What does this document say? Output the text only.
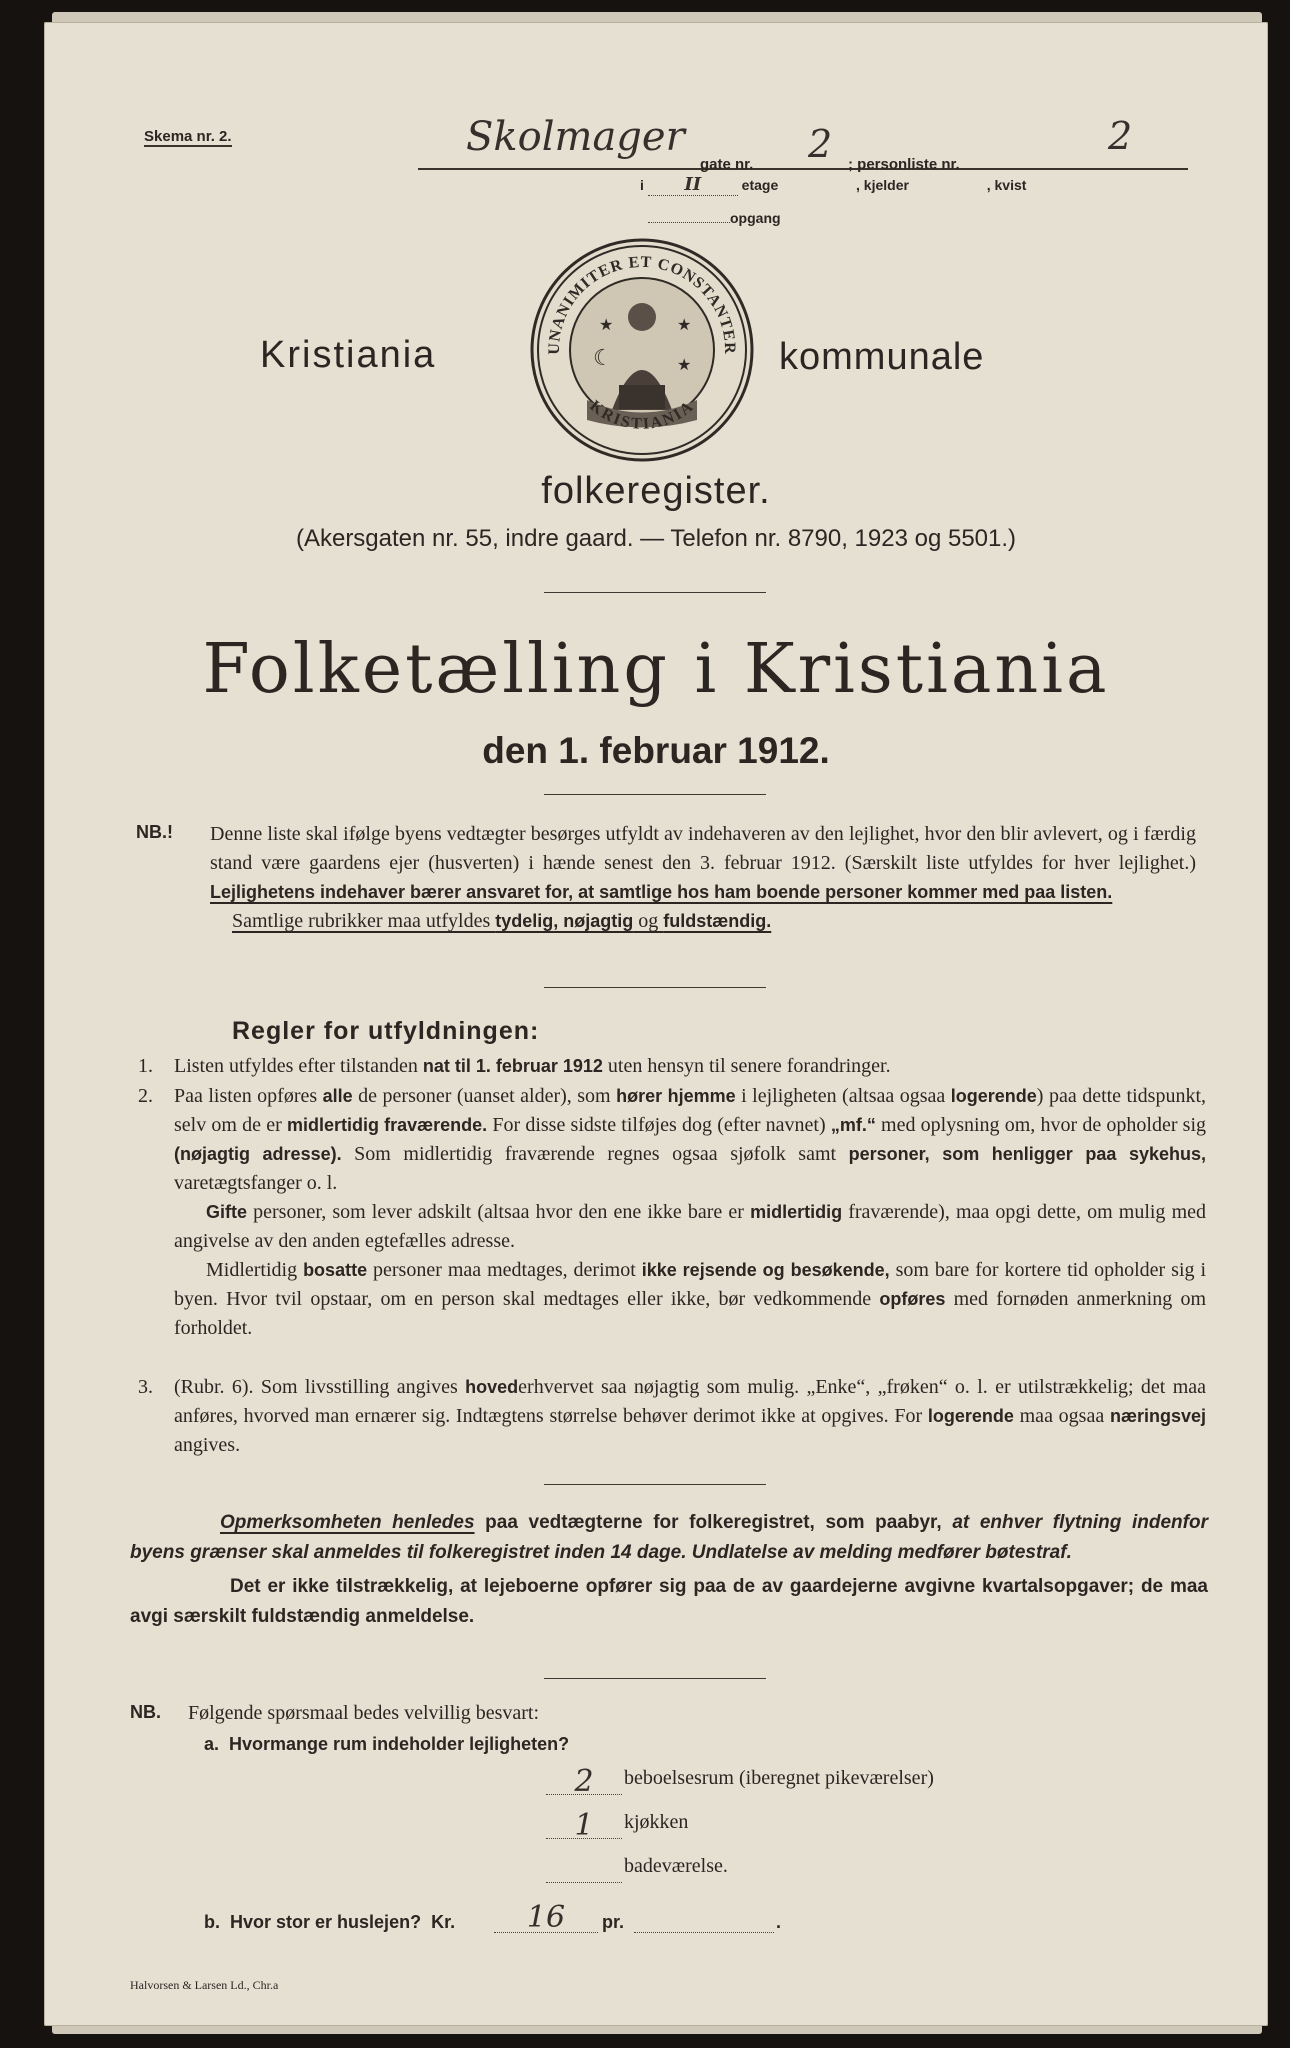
Skema nr. 2.	Skolmager
gate nr. 2 ; personliste nr.
2
i II	etage	, kjelder	, kvist
opgang
★	★
★
☾
UNANIMITER ET CONSTANTER
KRISTIANIA
Kristiania	kommunale
folkeregister.
(Akersgaten nr. 55, indre gaard. — Telefon nr. 8790, 1923 og 5501.)
Folketælling i Kristiania
den 1. februar 1912.
NB.! Denne liste skal ifølge byens vedtægter besørges utfyldt av indehaveren av den lejlighet, hvor den blir avlevert, og i færdig stand være gaardens ejer (husverten) i hænde senest den 3. februar 1912. (Særskilt liste utfyldes for hver lejlighet.) Lejlighetens indehaver bærer ansvaret for, at samtlige hos ham boende personer kommer med paa listen.
Samtlige rubrikker maa utfyldes tydelig, nøjagtig og fuldstændig.
Regler for utfyldningen:
1.	Listen utfyldes efter tilstanden nat til 1. februar 1912 uten hensyn til senere forandringer.
2.	Paa listen opføres alle de personer (uanset alder), som hører hjemme i lejligheten (altsaa ogsaa logerende) paa dette tidspunkt, selv om de er midlertidig fraværende. For disse sidste tilføjes dog (efter navnet) „mf.“ med oplysning om, hvor de opholder sig (nøjagtig adresse). Som midlertidig fraværende regnes ogsaa sjøfolk samt personer, som henligger paa sykehus, varetægtsfanger o. l.
Gifte personer, som lever adskilt (altsaa hvor den ene ikke bare er midlertidig fraværende), maa opgi dette, om mulig med angivelse av den anden egtefælles adresse.
Midlertidig bosatte personer maa medtages, derimot ikke rejsende og besøkende, som bare for kortere tid opholder sig i byen. Hvor tvil opstaar, om en person skal medtages eller ikke, bør vedkommende opføres med fornøden anmerkning om forholdet.
3.	(Rubr. 6). Som livsstilling angives hovederhvervet saa nøjagtig som mulig. „Enke“, „frøken“ o. l. er utilstrækkelig; det maa anføres, hvorved man ernærer sig. Indtægtens størrelse behøver derimot ikke at opgives. For logerende maa ogsaa næringsvej angives.
Opmerksomheten henledes paa vedtægterne for folkeregistret, som paabyr, at enhver flytning indenfor byens grænser skal anmeldes til folkeregistret inden 14 dage. Undlatelse av melding medfører bøtestraf.
Det er ikke tilstrækkelig, at lejeboerne opfører sig paa de av gaardejerne avgivne kvartalsopgaver; de maa avgi særskilt fuldstændig anmeldelse.
NB. Følgende spørsmaal bedes velvillig besvart:
a. Hvormange rum indeholder lejligheten?
2	beboelsesrum (iberegnet pikeværelser)
1	kjøkken
badeværelse.
b. Hvor stor er huslejen? Kr.	16	pr.	.
Halvorsen & Larsen Ld., Chr.a
